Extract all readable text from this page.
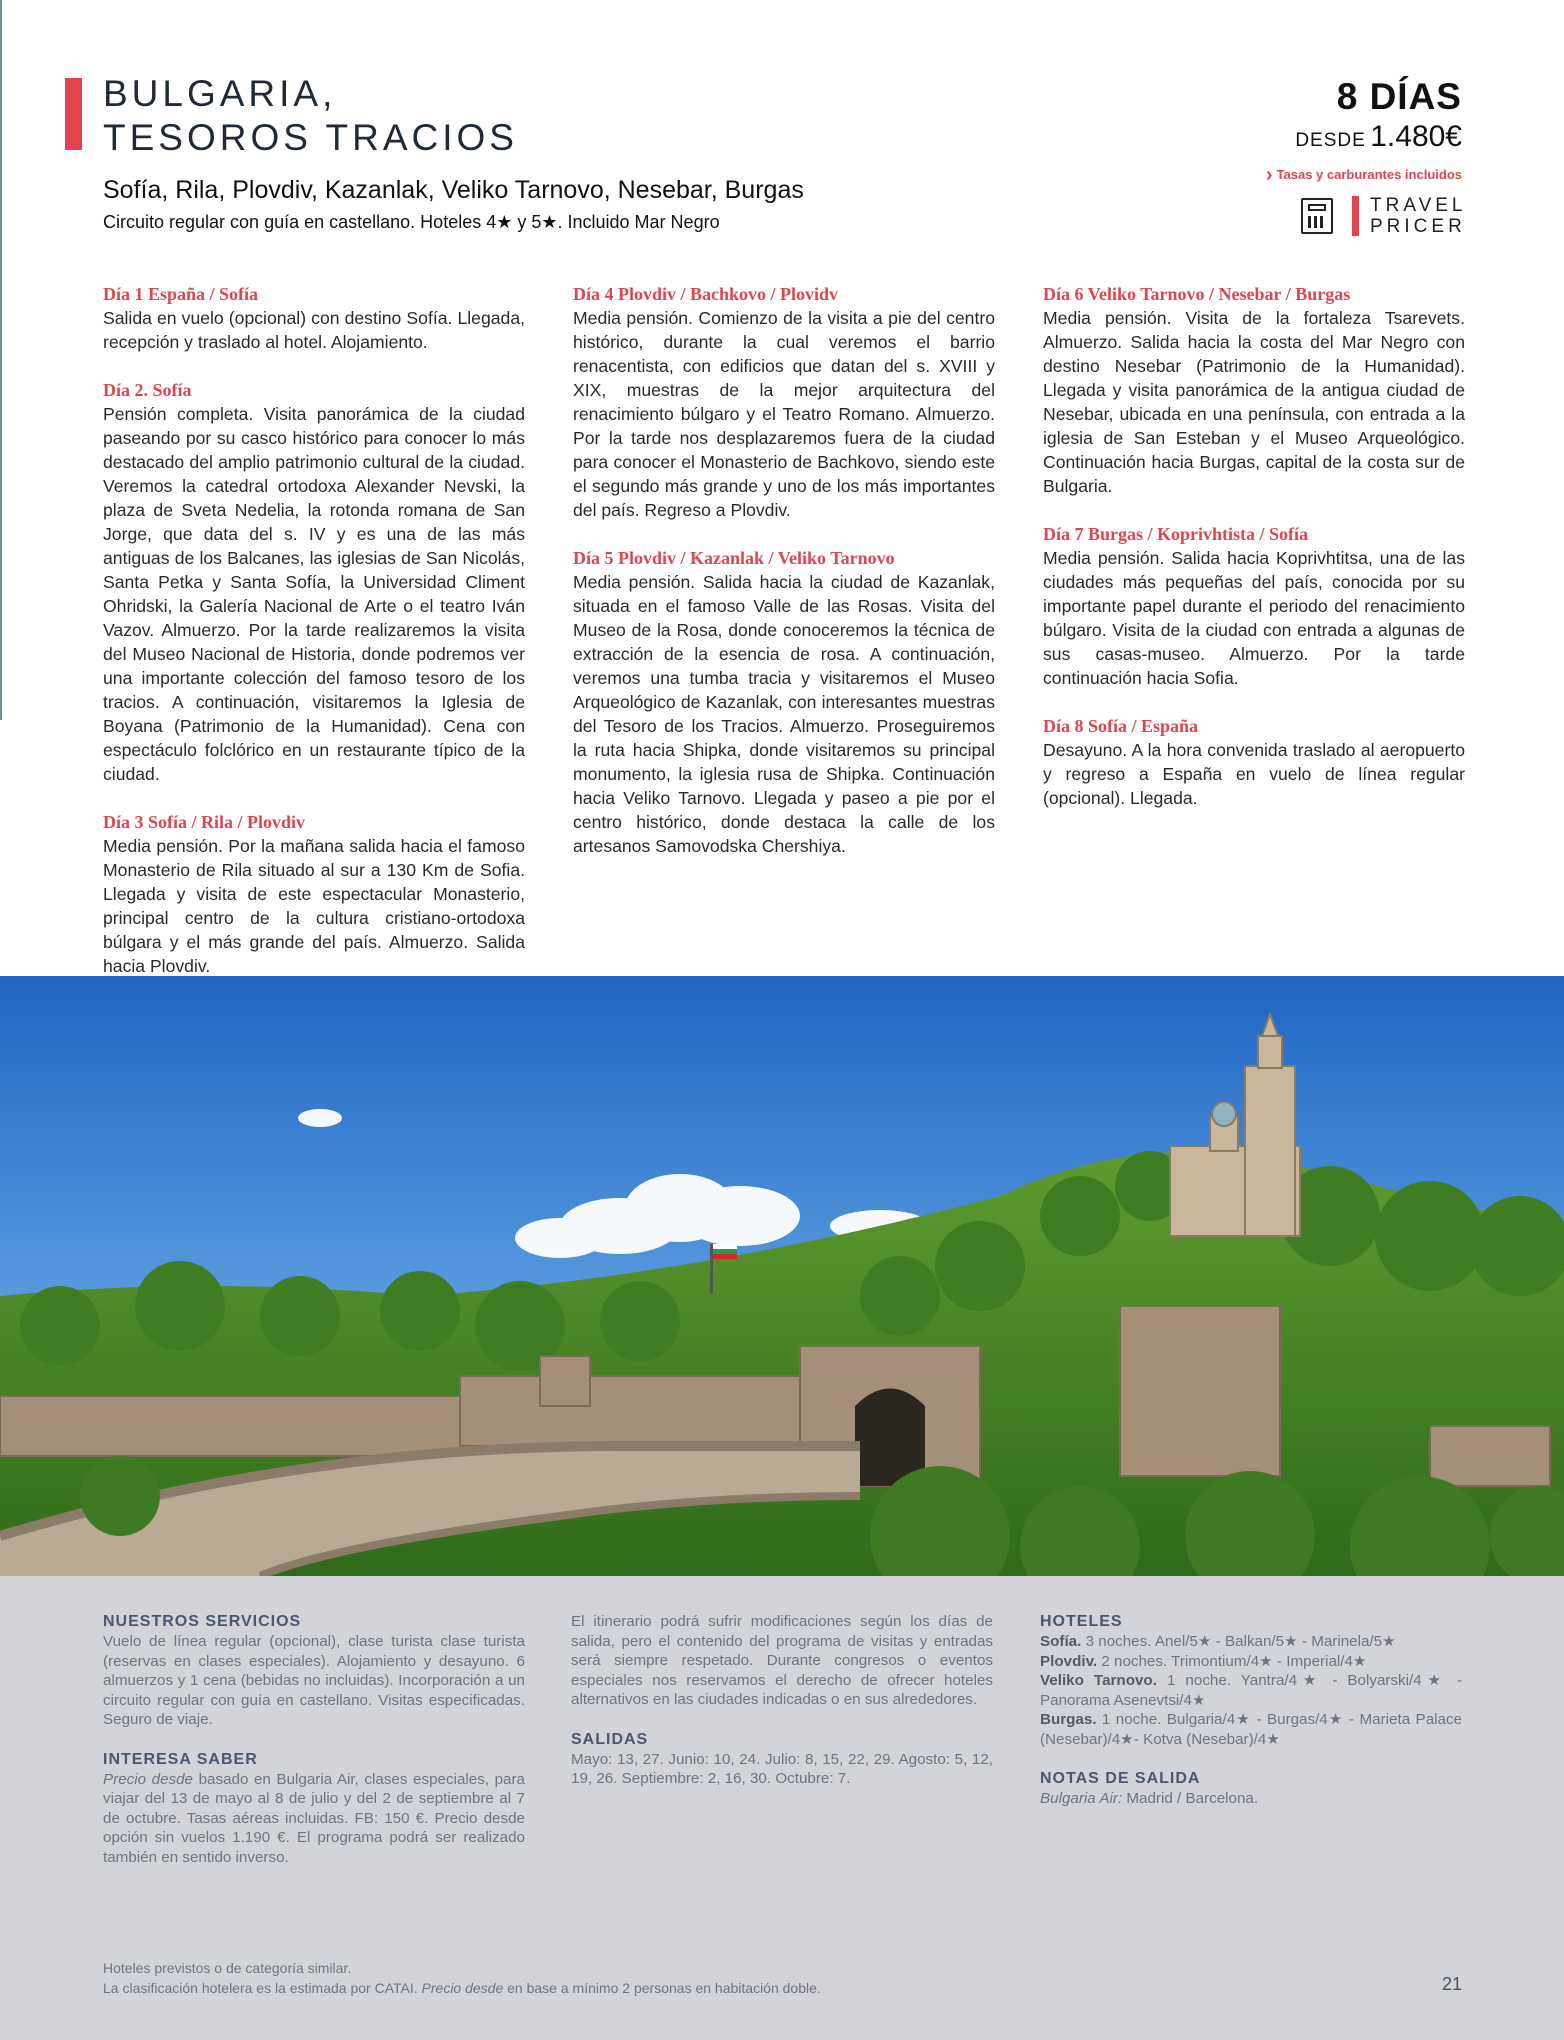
BULGARIA,
TESOROS TRACIOS
Sofía, Rila, Plovdiv, Kazanlak, Veliko Tarnovo, Nesebar, Burgas
Circuito regular con guía en castellano. Hoteles 4★ y 5★. Incluido Mar Negro
8 DÍAS
DESDE 1.480€
› Tasas y carburantes incluidos
TRAVEL
PRICER
Día 1 España / Sofía

Salida en vuelo (opcional) con destino Sofía. Llegada, recepción y traslado al hotel. Alojamiento.

Día 2. Sofía

Pensión completa. Visita panorámica de la ciudad paseando por su casco histórico para conocer lo más destacado del amplio patrimonio cultural de la ciudad. Veremos la catedral ortodoxa Alexander Nevski, la plaza de Sveta Nedelia, la rotonda romana de San Jorge, que data del s. IV y es una de las más antiguas de los Balcanes, las iglesias de San Nicolás, Santa Petka y Santa Sofía, la Universidad Climent Ohridski, la Galería Nacional de Arte o el teatro Iván Vazov. Almuerzo. Por la tarde realizaremos la visita del Museo Nacional de Historia, donde podremos ver una importante colección del famoso tesoro de los tracios. A continuación, visitaremos la Iglesia de Boyana (Patrimonio de la Humanidad). Cena con espectáculo folclórico en un restaurante típico de la ciudad.

Día 3 Sofía / Rila / Plovdiv

Media pensión. Por la mañana salida hacia el famoso Monasterio de Rila situado al sur a 130 Km de Sofia. Llegada y visita de este espectacular Monasterio, principal centro de la cultura cristiano-ortodoxa búlgara y el más grande del país. Almuerzo. Salida hacia Plovdiv.

Día 4 Plovdiv / Bachkovo / Plovidv

Media pensión. Comienzo de la visita a pie del centro histórico, durante la cual veremos el barrio renacentista, con edificios que datan del s. XVIII y XIX, muestras de la mejor arquitectura del renacimiento búlgaro y el Teatro Romano. Almuerzo. Por la tarde nos desplazaremos fuera de la ciudad para conocer el Monasterio de Bachkovo, siendo este el segundo más grande y uno de los más importantes del país. Regreso a Plovdiv.

Día 5 Plovdiv / Kazanlak / Veliko Tarnovo

Media pensión. Salida hacia la ciudad de Kazanlak, situada en el famoso Valle de las Rosas. Visita del Museo de la Rosa, donde conoceremos la técnica de extracción de la esencia de rosa. A continuación, veremos una tumba tracia y visitaremos el Museo Arqueológico de Kazanlak, con interesantes muestras del Tesoro de los Tracios. Almuerzo. Proseguiremos la ruta hacia Shipka, donde visitaremos su principal monumento, la iglesia rusa de Shipka. Continuación hacia Veliko Tarnovo. Llegada y paseo a pie por el centro histórico, donde destaca la calle de los artesanos Samovodska Chershiya.

Día 6 Veliko Tarnovo / Nesebar / Burgas

Media pensión. Visita de la fortaleza Tsarevets. Almuerzo. Salida hacia la costa del Mar Negro con destino Nesebar (Patrimonio de la Humanidad). Llegada y visita panorámica de la antigua ciudad de Nesebar, ubicada en una península, con entrada a la iglesia de San Esteban y el Museo Arqueológico. Continuación hacia Burgas, capital de la costa sur de Bulgaria.

Día 7 Burgas / Koprivhtista / Sofía

Media pensión. Salida hacia Koprivhtitsa, una de las ciudades más pequeñas del país, conocida por su importante papel durante el periodo del renacimiento búlgaro. Visita de la ciudad con entrada a algunas de sus casas-museo. Almuerzo. Por la tarde continuación hacia Sofia.

Día 8 Sofía / España

Desayuno. A la hora convenida traslado al aeropuerto y regreso a España en vuelo de línea regular (opcional). Llegada.

NUESTROS SERVICIOS

Vuelo de línea regular (opcional), clase turista clase turista (reservas en clases especiales). Alojamiento y desayuno. 6 almuerzos y 1 cena (bebidas no incluidas). Incorporación a un circuito regular con guía en castellano. Visitas especificadas. Seguro de viaje.

INTERESA SABER

Precio desde basado en Bulgaria Air, clases especiales, para viajar del 13 de mayo al 8 de julio y del 2 de septiembre al 7 de octubre. Tasas aéreas incluidas. FB: 150 €. Precio desde opción sin vuelos 1.190 €. El programa podrá ser realizado también en sentido inverso.

El itinerario podrá sufrir modificaciones según los días de salida, pero el contenido del programa de visitas y entradas será siempre respetado. Durante congresos o eventos especiales nos reservamos el derecho de ofrecer hoteles alternativos en las ciudades indicadas o en sus alrededores.

SALIDAS

Mayo: 13, 27. Junio: 10, 24. Julio: 8, 15, 22, 29. Agosto: 5, 12, 19, 26. Septiembre: 2, 16, 30. Octubre: 7.

HOTELES

Sofía. 3 noches. Anel/5★ - Balkan/5★ - Marinela/5★

Plovdiv. 2 noches. Trimontium/4★ - Imperial/4★

Veliko Tarnovo. 1 noche. Yantra/4★ - Bolyarski/4★ - Panorama Asenevtsi/4★

Burgas. 1 noche. Bulgaria/4★ - Burgas/4★ - Marieta Palace (Nesebar)/4★- Kotva (Nesebar)/4★

NOTAS DE SALIDA

Bulgaria Air: Madrid / Barcelona.

Hoteles previstos o de categoría similar.
La clasificación hotelera es la estimada por CATAI. Precio desde en base a mínimo 2 personas en habitación doble.	21
